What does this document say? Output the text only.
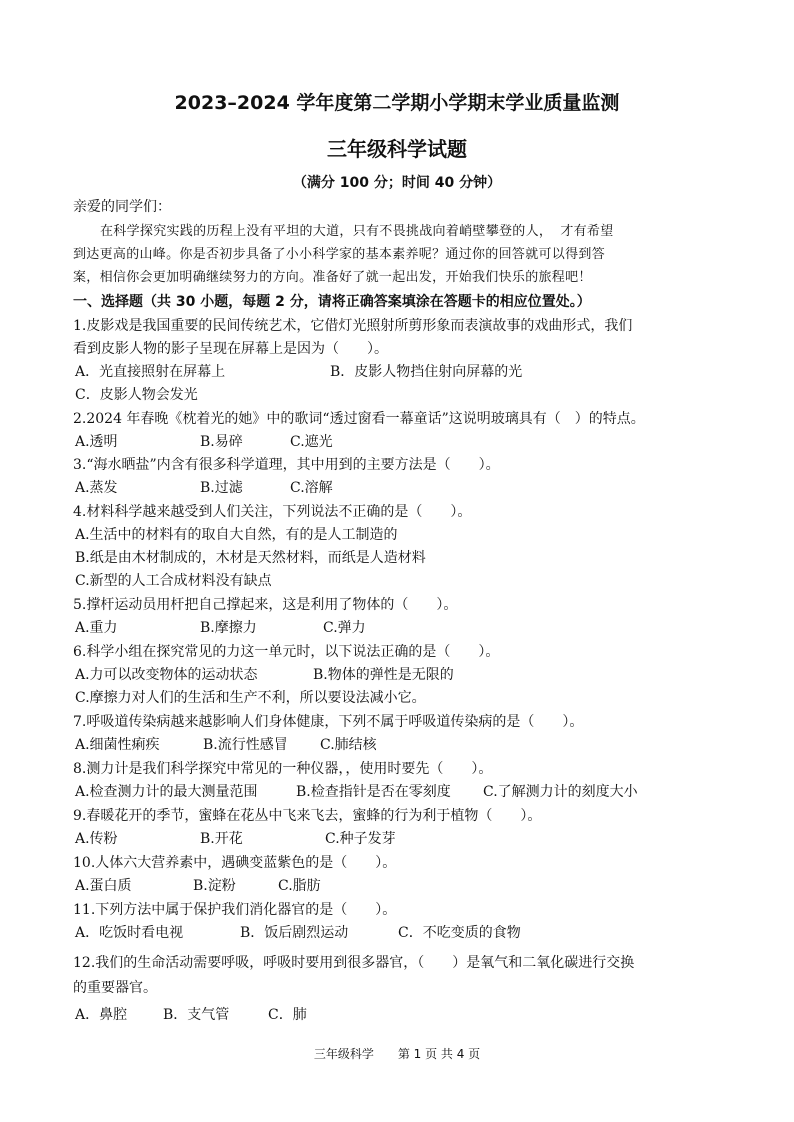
2023–2024 学年度第二学期小学期末学业质量监测
三年级科学试题
（满分 100 分；时间 40 分钟）
亲爱的同学们：
在科学探究实践的历程上没有平坦的大道，只有不畏挑战向着峭壁攀登的人， 才有希望
到达更高的山峰。你是否初步具备了小小科学家的基本素养呢？通过你的回答就可以得到答
案，相信你会更加明确继续努力的方向。准备好了就一起出发，开始我们快乐的旅程吧！
一、选择题（共 30 小题，每题 2 分，请将正确答案填涂在答题卡的相应位置处。）
1.皮影戏是我国重要的民间传统艺术，它借灯光照射所剪形象而表演故事的戏曲形式，我们
看到皮影人物的影子呈现在屏幕上是因为（　　）。
A．光直接照射在屏幕上	B．皮影人物挡住射向屏幕的光
C．皮影人物会发光
2.2024 年春晚《枕着光的她》中的歌词“透过窗看一幕童话”这说明玻璃具有（　）的特点。
A.透明	B.易碎	C.遮光
3.“海水晒盐”内含有很多科学道理，其中用到的主要方法是（　　）。
A.蒸发	B.过滤	C.溶解
4.材料科学越来越受到人们关注，下列说法不正确的是（　　）。
A.生活中的材料有的取自大自然，有的是人工制造的
B.纸是由木材制成的，木材是天然材料，而纸是人造材料
C.新型的人工合成材料没有缺点
5.撑杆运动员用杆把自己撑起来，这是利用了物体的（　　）。
A.重力	B.摩擦力	C.弹力
6.科学小组在探究常见的力这一单元时，以下说法正确的是（　　）。
A.力可以改变物体的运动状态	B.物体的弹性是无限的
C.摩擦力对人们的生活和生产不利，所以要设法减小它。
7.呼吸道传染病越来越影响人们身体健康，下列不属于呼吸道传染病的是（　　）。
A.细菌性痢疾	B.流行性感冒 C.肺结核
8.测力计是我们科学探究中常见的一种仪器，，使用时要先（　　）。
A.检查测力计的最大测量范围	B.检查指针是否在零刻度 C.了解测力计的刻度大小
9.春暖花开的季节，蜜蜂在花丛中飞来飞去，蜜蜂的行为利于植物（　　）。
A.传粉	B.开花	C.种子发芽
10.人体六大营养素中，遇碘变蓝紫色的是（　　）。
A.蛋白质	B.淀粉	C.脂肪
11.下列方法中属于保护我们消化器官的是（　　）。
A．吃饭时看电视	B．饭后剧烈运动	C．不吃变质的食物
12.我们的生命活动需要呼吸，呼吸时要用到很多器官，（　　）是氧气和二氧化碳进行交换
的重要器官。
A．鼻腔	B．支气管	C．肺
三年级科学 第 1 页 共 4 页
